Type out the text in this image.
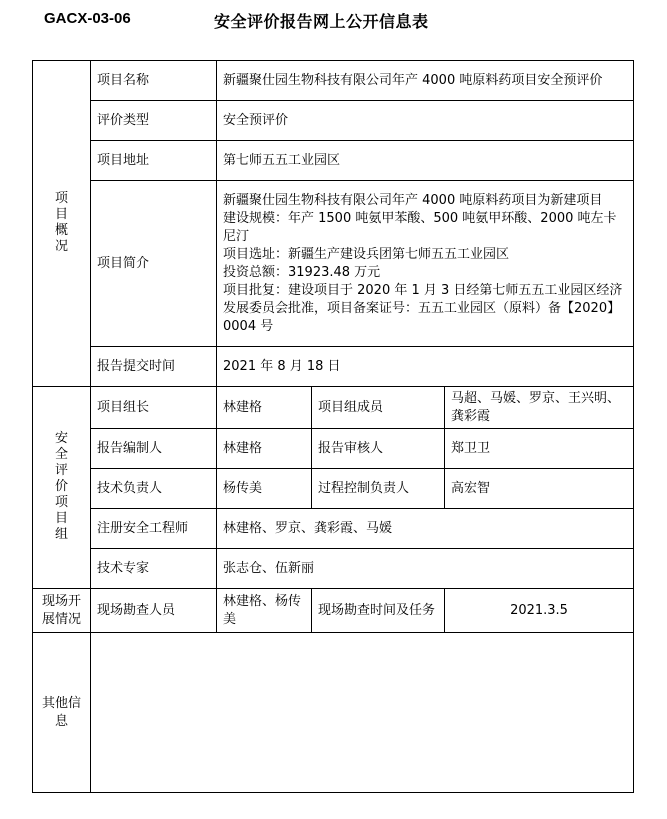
GACX-03-06	安全评价报告网上公开信息表
项目概况	项目名称	新疆聚仕园生物科技有限公司年产 4000 吨原料药项目安全预评价		
	评价类型	安全预评价		
	项目地址	第七师五五工业园区		
	项目简介	新疆聚仕园生物科技有限公司年产 4000 吨原料药项目为新建项目
建设规模：年产 1500 吨氨甲苯酸、500 吨氨甲环酸、2000 吨左卡尼汀
项目选址：新疆生产建设兵团第七师五五工业园区
投资总额：31923.48 万元
项目批复：建设项目于 2020 年 1 月 3 日经第七师五五工业园区经济发展委员会批准，项目备案证号：五五工业园区（原料）备【2020】0004 号		

	报告提交时间	2021 年 8 月 18 日		
安全评价项目组	项目组长	林建格	项目组成员	马超、马媛、罗京、王兴明、龚彩霞
	报告编制人	林建格	报告审核人	郑卫卫
	技术负责人	杨传美	过程控制负责人	高宏智
	注册安全工程师	林建格、罗京、龚彩霞、马媛		
	技术专家	张志仓、伍新丽		
现场开展情况	现场勘查人员	林建格、杨传美	现场勘查时间及任务	2021.3.5
其他信息				
